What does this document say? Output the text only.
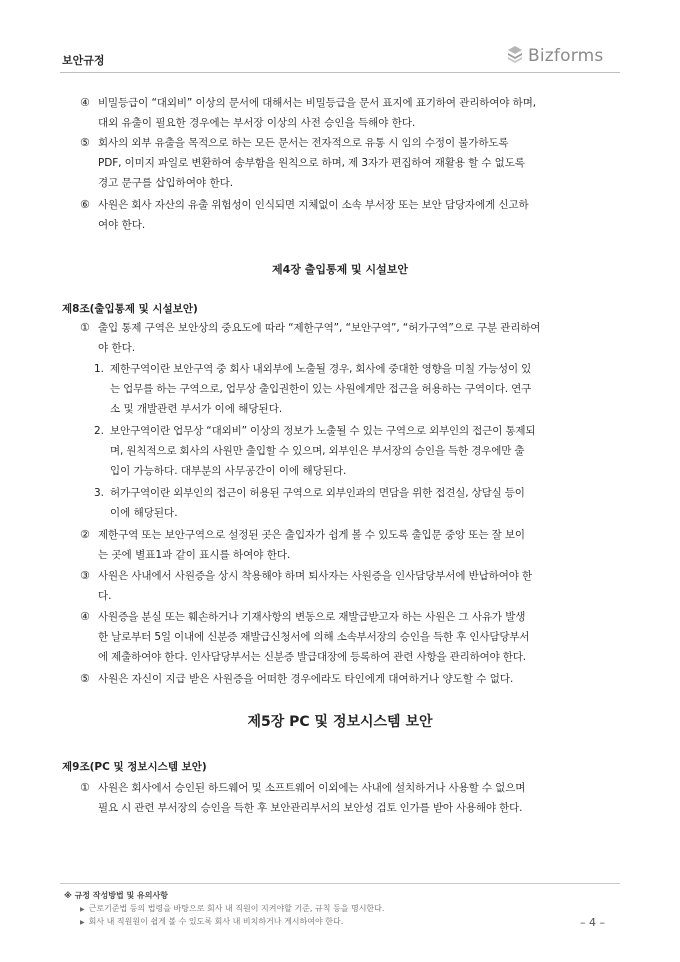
보안규정	Bizforms
④ 비밀등급이 “대외비” 이상의 문서에 대해서는 비밀등급을 문서 표지에 표기하여 관리하여야 하며,
대외 유출이 필요한 경우에는 부서장 이상의 사전 승인을 득해야 한다.
⑤ 회사의 외부 유출을 목적으로 하는 모든 문서는 전자적으로 유통 시 임의 수정이 불가하도록
PDF, 이미지 파일로 변환하여 송부함을 원칙으로 하며, 제 3자가 편집하여 재활용 할 수 없도록
경고 문구를 삽입하여야 한다.
⑥ 사원은 회사 자산의 유출 위험성이 인식되면 지체없이 소속 부서장 또는 보안 담당자에게 신고하
여야 한다.
제4장 출입통제 및 시설보안
제8조(출입통제 및 시설보안)
① 출입 통제 구역은 보안상의 중요도에 따라 “제한구역”, “보안구역”, “허가구역”으로 구분 관리하여
야 한다.
1. 제한구역이란 보안구역 중 회사 내외부에 노출될 경우, 회사에 중대한 영향을 미칠 가능성이 있
는 업무를 하는 구역으로, 업무상 출입권한이 있는 사원에게만 접근을 허용하는 구역이다. 연구
소 및 개발관련 부서가 이에 해당된다.
2. 보안구역이란 업무상 “대외비” 이상의 정보가 노출될 수 있는 구역으로 외부인의 접근이 통제되
며, 원칙적으로 회사의 사원만 출입할 수 있으며, 외부인은 부서장의 승인을 득한 경우에만 출
입이 가능하다. 대부분의 사무공간이 이에 해당된다.
3. 허가구역이란 외부인의 접근이 허용된 구역으로 외부인과의 면담을 위한 접견실, 상담실 등이
이에 해당된다.
② 제한구역 또는 보안구역으로 설정된 곳은 출입자가 쉽게 볼 수 있도록 출입문 중앙 또는 잘 보이
는 곳에 별표1과 같이 표시를 하여야 한다.
③ 사원은 사내에서 사원증을 상시 착용해야 하며 퇴사자는 사원증을 인사담당부서에 반납하여야 한
다.
④ 사원증을 분실 또는 훼손하거나 기재사항의 변동으로 재발급받고자 하는 사원은 그 사유가 발생
한 날로부터 5일 이내에 신분증 재발급신청서에 의해 소속부서장의 승인을 득한 후 인사담당부서
에 제출하여야 한다. 인사담당부서는 신분증 발급대장에 등록하여 관련 사항을 관리하여야 한다.
⑤ 사원은 자신이 지급 받은 사원증을 어떠한 경우에라도 타인에게 대여하거나 양도할 수 없다.
제5장 PC 및 정보시스템 보안
제9조(PC 및 정보시스템 보안)
① 사원은 회사에서 승인된 하드웨어 및 소프트웨어 이외에는 사내에 설치하거나 사용할 수 없으며
필요 시 관련 부서장의 승인을 득한 후 보안관리부서의 보안성 검토 인가를 받아 사용해야 한다.
※ 규정 작성방법 및 유의사항
▶ 근로기준법 등의 법령을 바탕으로 회사 내 직원이 지켜야할 기준, 규칙 등을 명시한다.
▶ 회사 내 직원원이 쉽게 볼 수 있도록 회사 내 비치하거나 게시하여야 한다.	– 4 –
